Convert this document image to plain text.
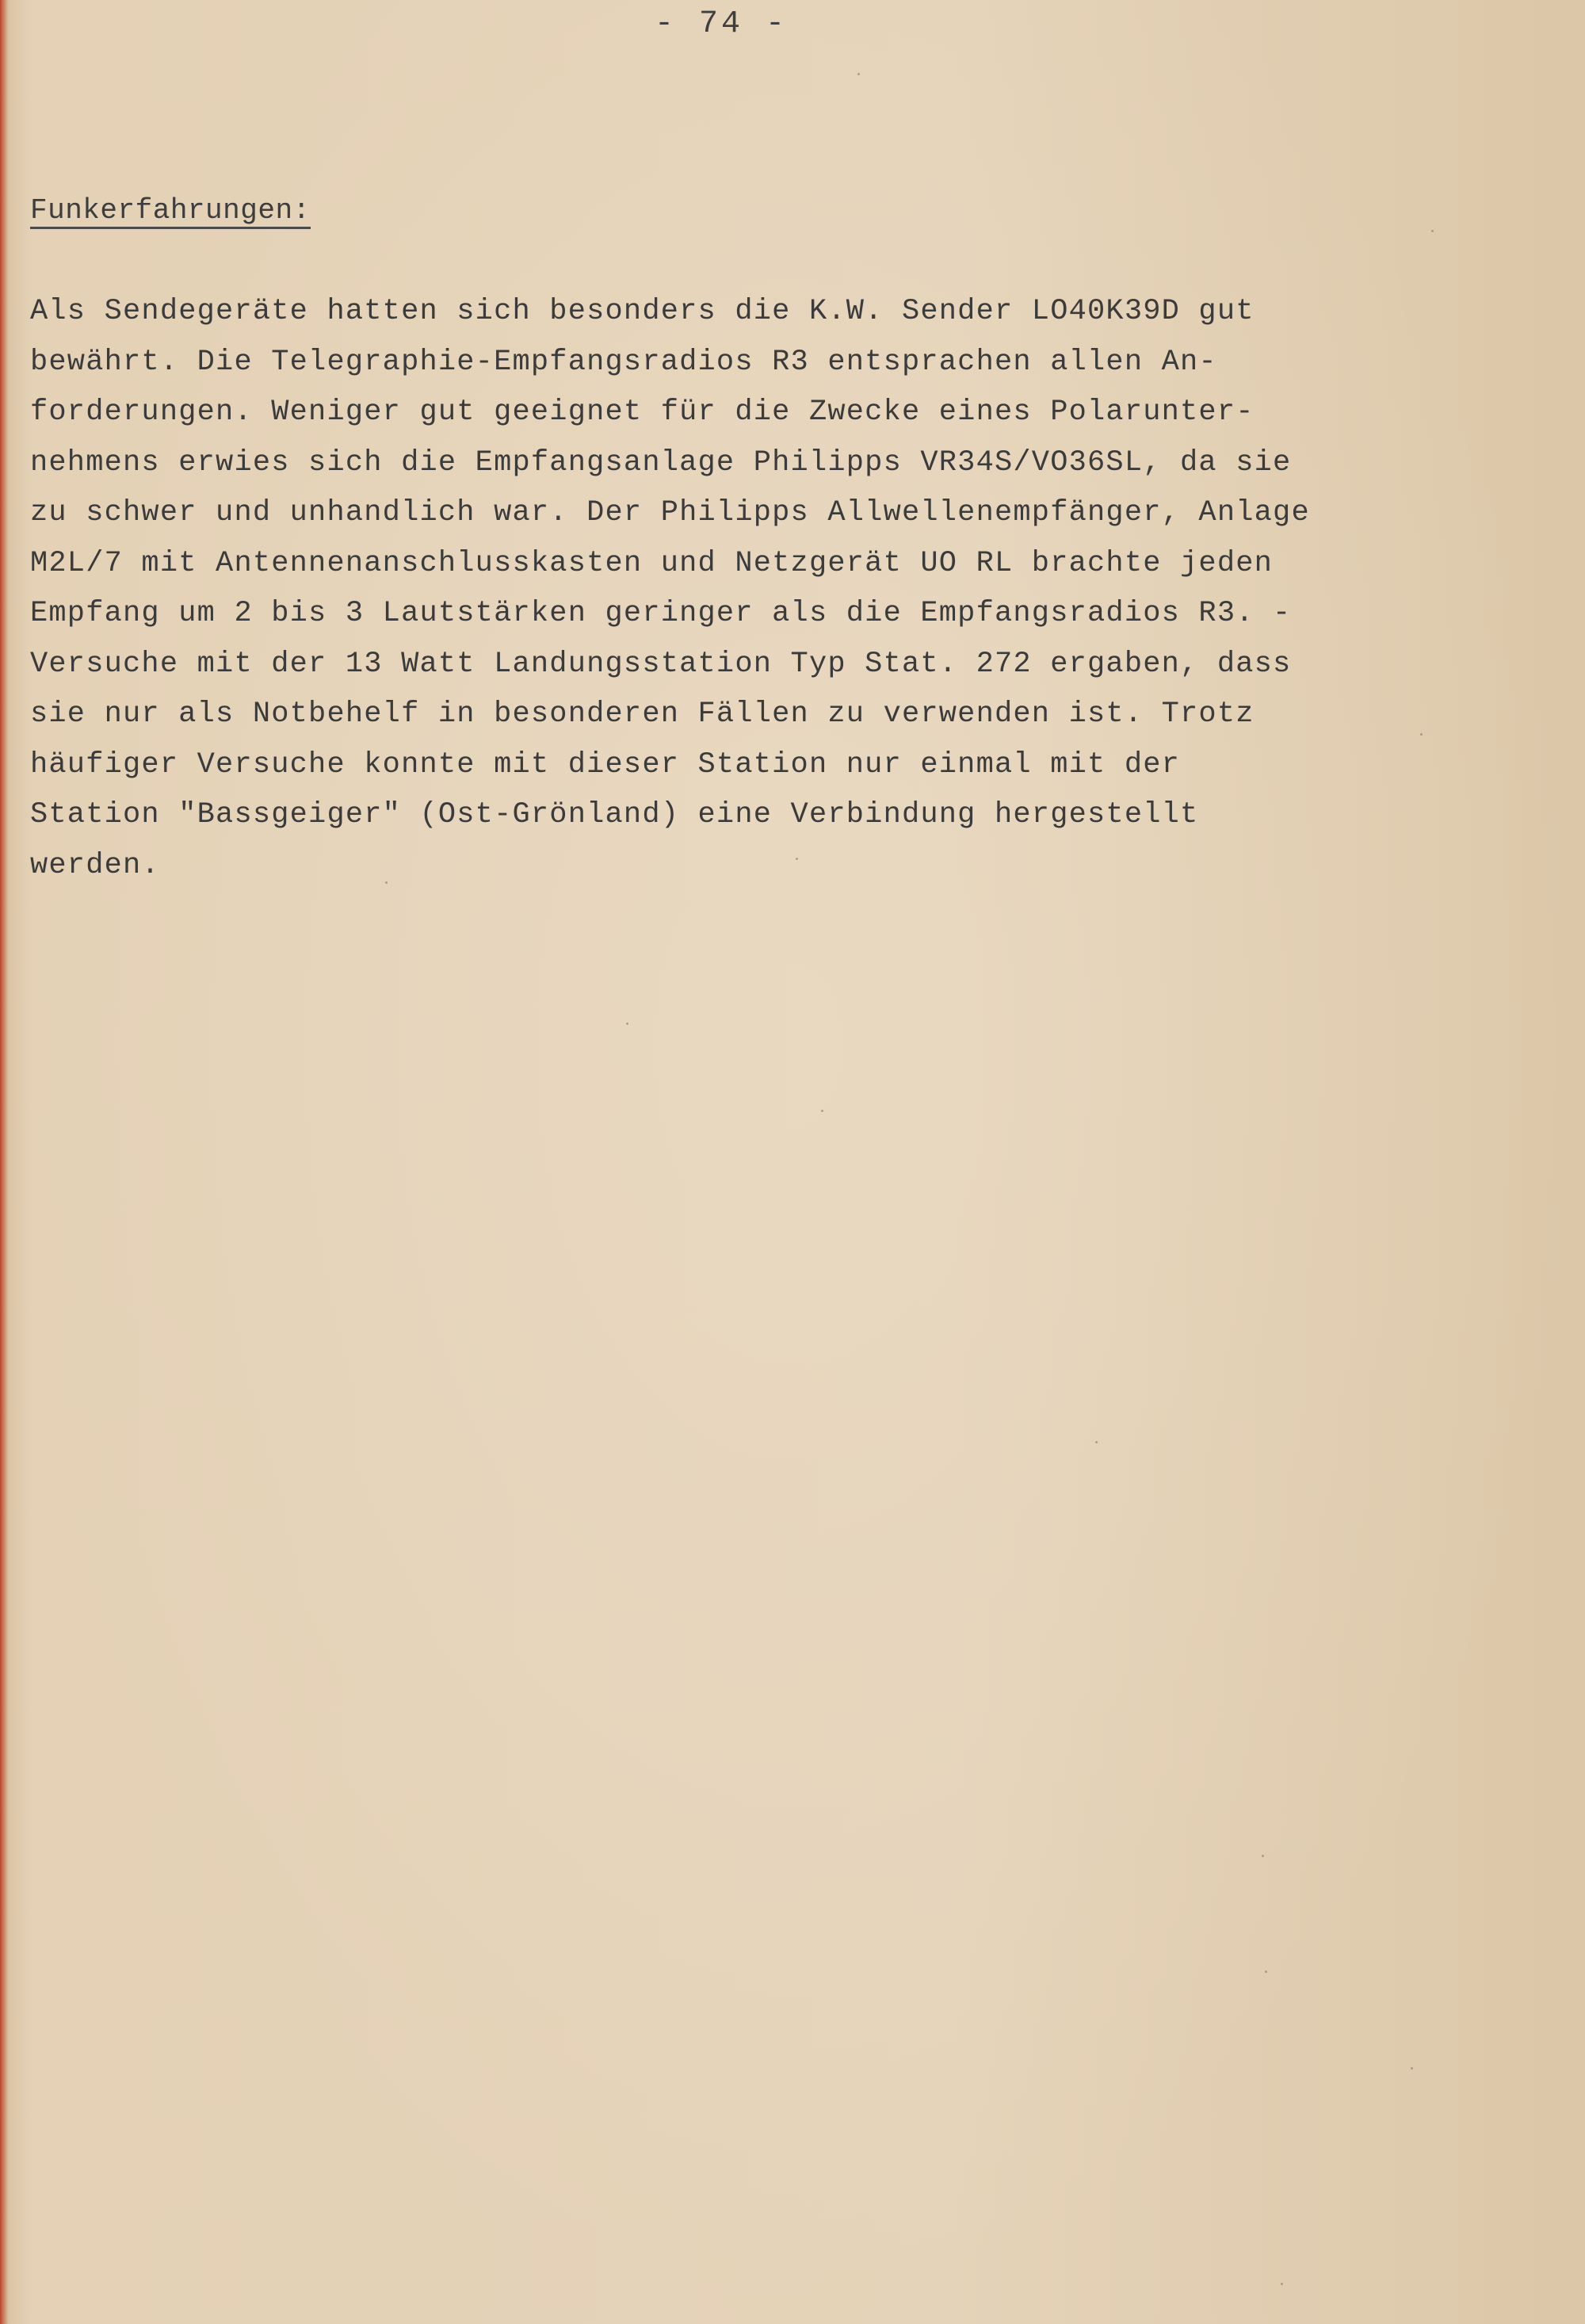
- 74 -
Funkerfahrungen:
Als Sendegeräte hatten sich besonders die K.W. Sender LO40K39D gut
bewährt. Die Telegraphie-Empfangsradios R3 entsprachen allen An-
forderungen. Weniger gut geeignet für die Zwecke eines Polarunter-
nehmens erwies sich die Empfangsanlage Philipps VR34S/VO36SL, da sie
zu schwer und unhandlich war. Der Philipps Allwellenempfänger, Anlage
M2L/7 mit Antennenanschlusskasten und Netzgerät UO RL brachte jeden
Empfang um 2 bis 3 Lautstärken geringer als die Empfangsradios R3. -
Versuche mit der 13 Watt Landungsstation Typ Stat. 272 ergaben, dass
sie nur als Notbehelf in besonderen Fällen zu verwenden ist. Trotz
häufiger Versuche konnte mit dieser Station nur einmal mit der
Station "Bassgeiger" (Ost-Grönland) eine Verbindung hergestellt
werden.
